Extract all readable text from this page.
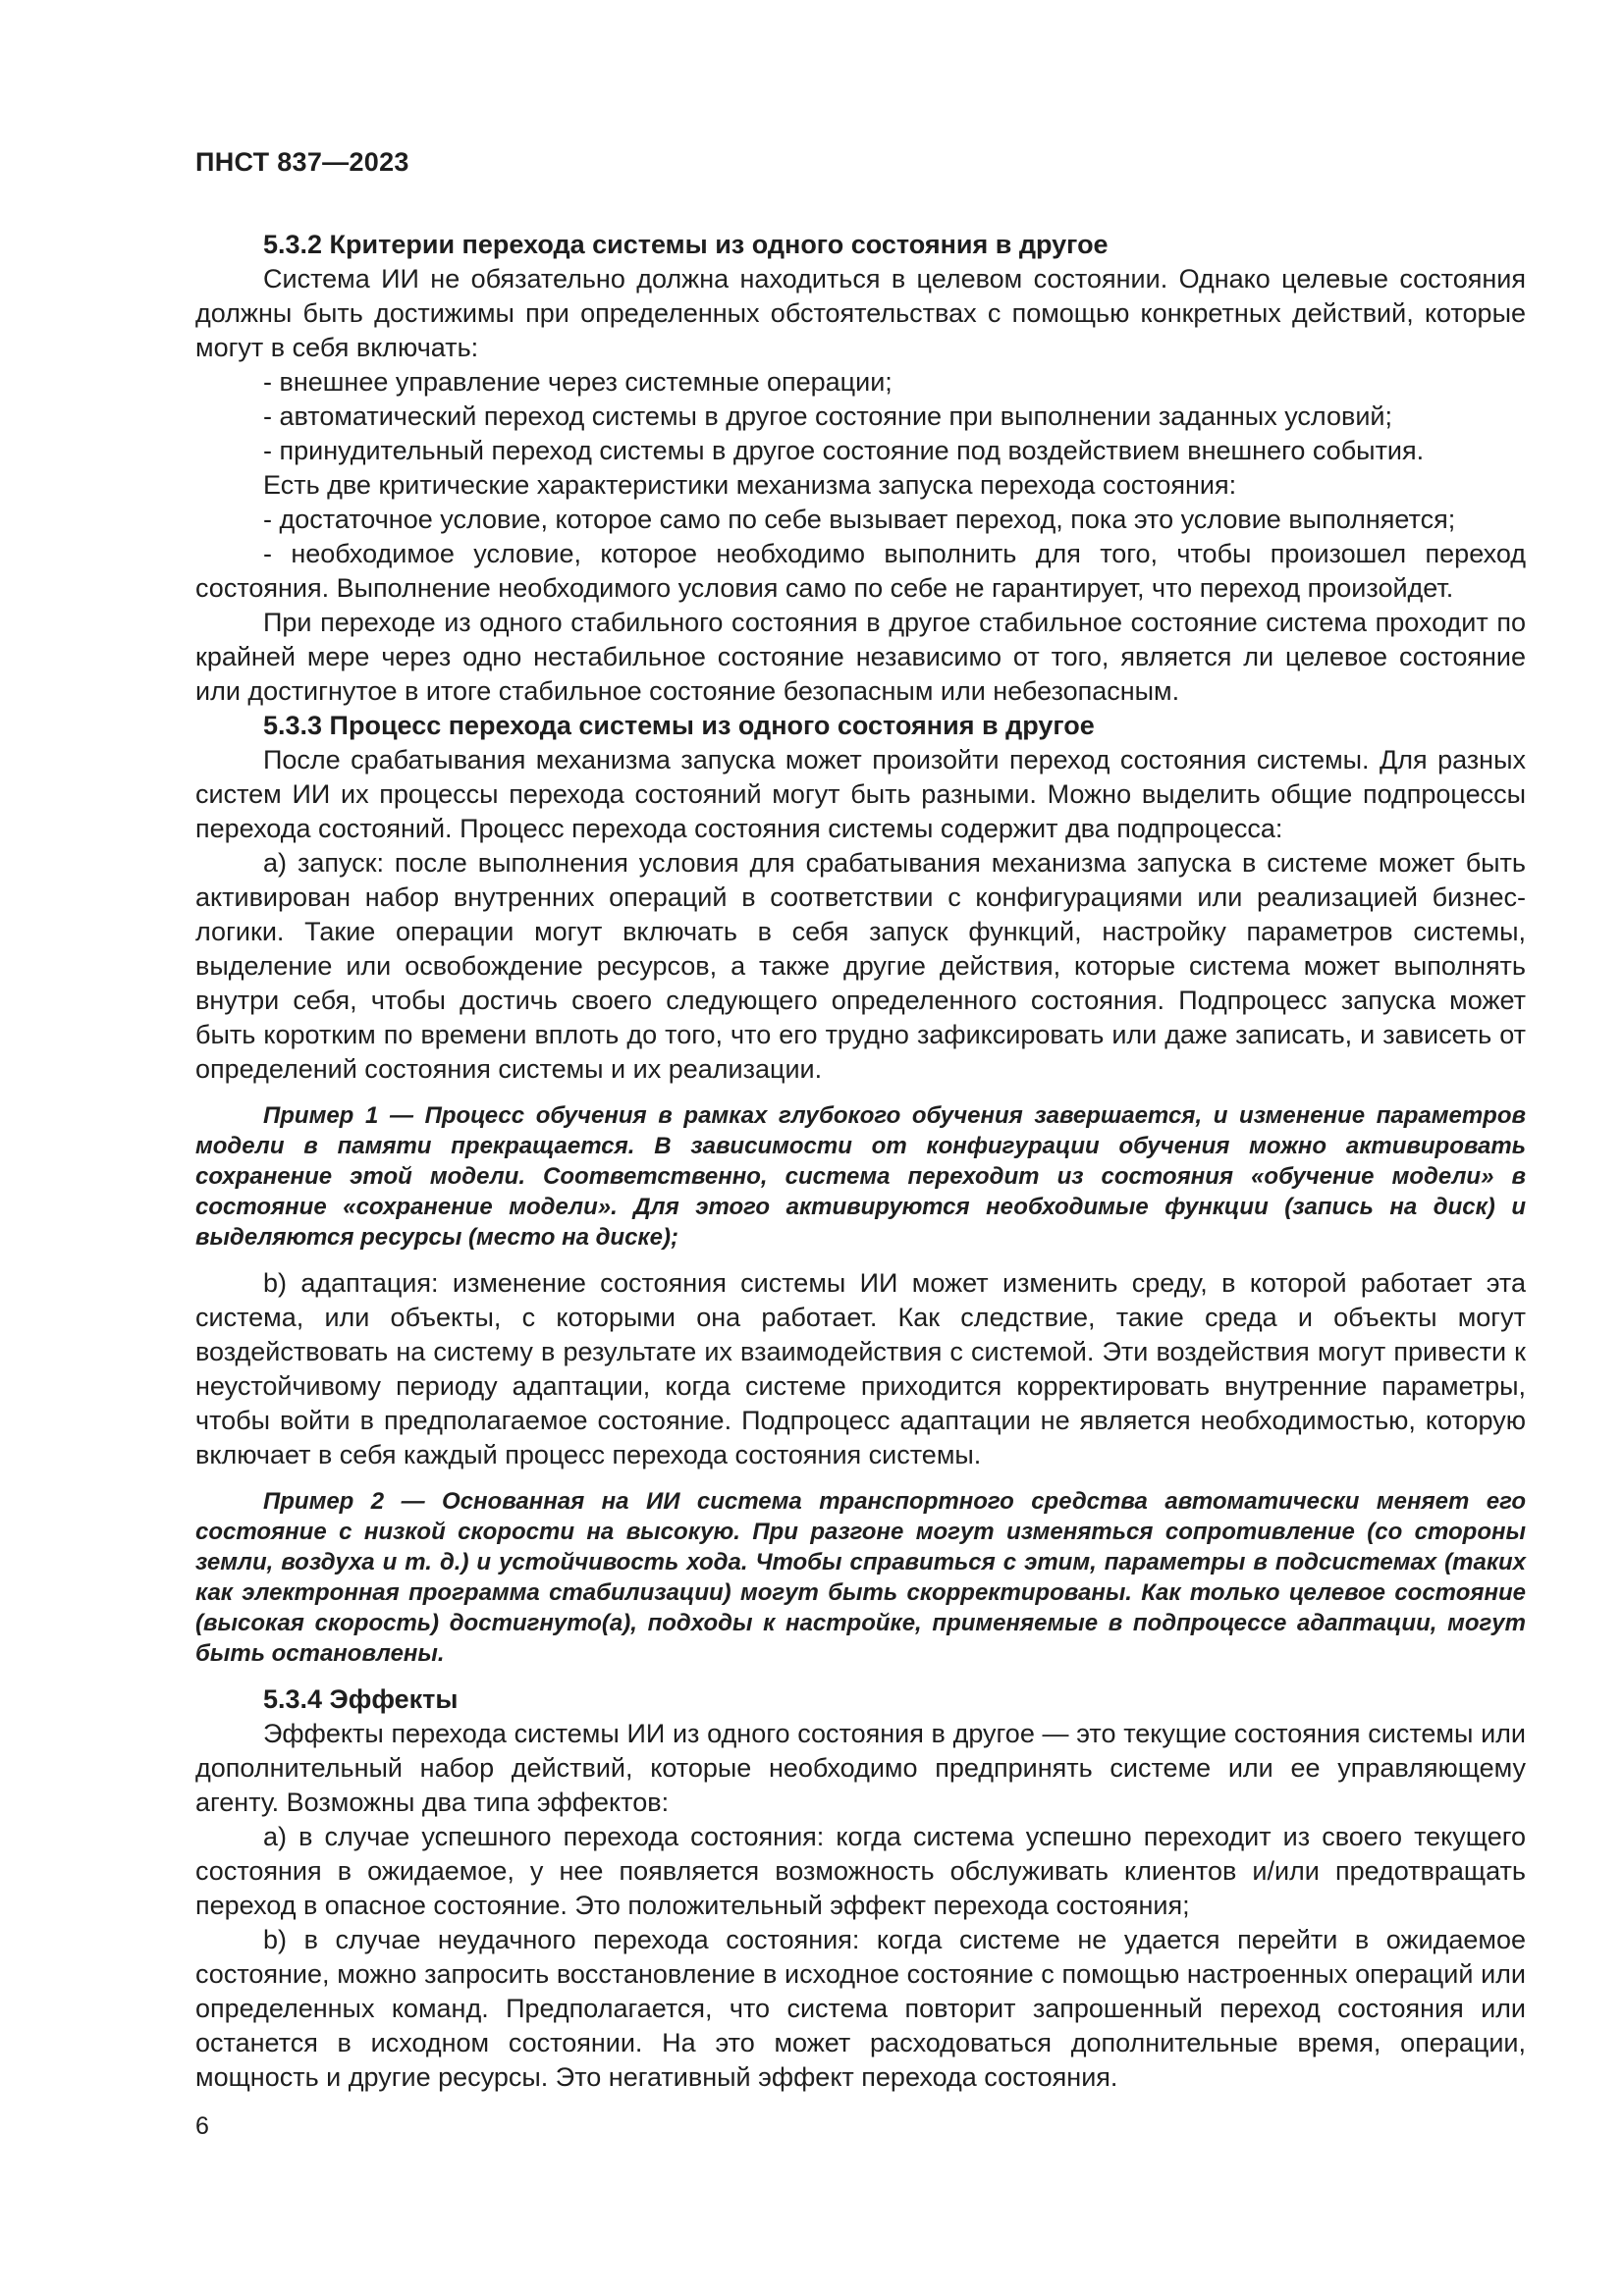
ПНСТ 837—2023
5.3.2 Критерии перехода системы из одного состояния в другое

Система ИИ не обязательно должна находиться в целевом состоянии. Однако целевые состояния должны быть достижимы при определенных обстоятельствах с помощью конкретных действий, которые могут в себя включать:

- внешнее управление через системные операции;
- автоматический переход системы в другое состояние при выполнении заданных условий;
- принудительный переход системы в другое состояние под воздействием внешнего события.

Есть две критические характеристики механизма запуска перехода состояния:

- достаточное условие, которое само по себе вызывает переход, пока это условие выполняется;
- необходимое условие, которое необходимо выполнить для того, чтобы произошел переход состояния. Выполнение необходимого условия само по себе не гарантирует, что переход произойдет.

При переходе из одного стабильного состояния в другое стабильное состояние система проходит по крайней мере через одно нестабильное состояние независимо от того, является ли целевое состояние или достигнутое в итоге стабильное состояние безопасным или небезопасным.

5.3.3 Процесс перехода системы из одного состояния в другое

После срабатывания механизма запуска может произойти переход состояния системы. Для разных систем ИИ их процессы перехода состояний могут быть разными. Можно выделить общие подпроцессы перехода состояний. Процесс перехода состояния системы содержит два подпроцесса:

а) запуск: после выполнения условия для срабатывания механизма запуска в системе может быть активирован набор внутренних операций в соответствии с конфигурациями или реализацией бизнес-логики. Такие операции могут включать в себя запуск функций, настройку параметров системы, выделение или освобождение ресурсов, а также другие действия, которые система может выполнять внутри себя, чтобы достичь своего следующего определенного состояния. Подпроцесс запуска может быть коротким по времени вплоть до того, что его трудно зафиксировать или даже записать, и зависеть от определений состояния системы и их реализации.

Пример 1 — Процесс обучения в рамках глубокого обучения завершается, и изменение параметров модели в памяти прекращается. В зависимости от конфигурации обучения можно активировать сохранение этой модели. Соответственно, система переходит из состояния «обучение модели» в состояние «сохранение модели». Для этого активируются необходимые функции (запись на диск) и выделяются ресурсы (место на диске);

b) адаптация: изменение состояния системы ИИ может изменить среду, в которой работает эта система, или объекты, с которыми она работает. Как следствие, такие среда и объекты могут воздействовать на систему в результате их взаимодействия с системой. Эти воздействия могут привести к неустойчивому периоду адаптации, когда системе приходится корректировать внутренние параметры, чтобы войти в предполагаемое состояние. Подпроцесс адаптации не является необходимостью, которую включает в себя каждый процесс перехода состояния системы.

Пример 2 — Основанная на ИИ система транспортного средства автоматически меняет его состояние с низкой скорости на высокую. При разгоне могут изменяться сопротивление (со стороны земли, воздуха и т. д.) и устойчивость хода. Чтобы справиться с этим, параметры в подсистемах (таких как электронная программа стабилизации) могут быть скорректированы. Как только целевое состояние (высокая скорость) достигнуто(а), подходы к настройке, применяемые в подпроцессе адаптации, могут быть остановлены.

5.3.4 Эффекты

Эффекты перехода системы ИИ из одного состояния в другое — это текущие состояния системы или дополнительный набор действий, которые необходимо предпринять системе или ее управляющему агенту. Возможны два типа эффектов:

а) в случае успешного перехода состояния: когда система успешно переходит из своего текущего состояния в ожидаемое, у нее появляется возможность обслуживать клиентов и/или предотвращать переход в опасное состояние. Это положительный эффект перехода состояния;

b) в случае неудачного перехода состояния: когда системе не удается перейти в ожидаемое состояние, можно запросить восстановление в исходное состояние с помощью настроенных операций или определенных команд. Предполагается, что система повторит запрошенный переход состояния или останется в исходном состоянии. На это может расходоваться дополнительные время, операции, мощность и другие ресурсы. Это негативный эффект перехода состояния.

6
